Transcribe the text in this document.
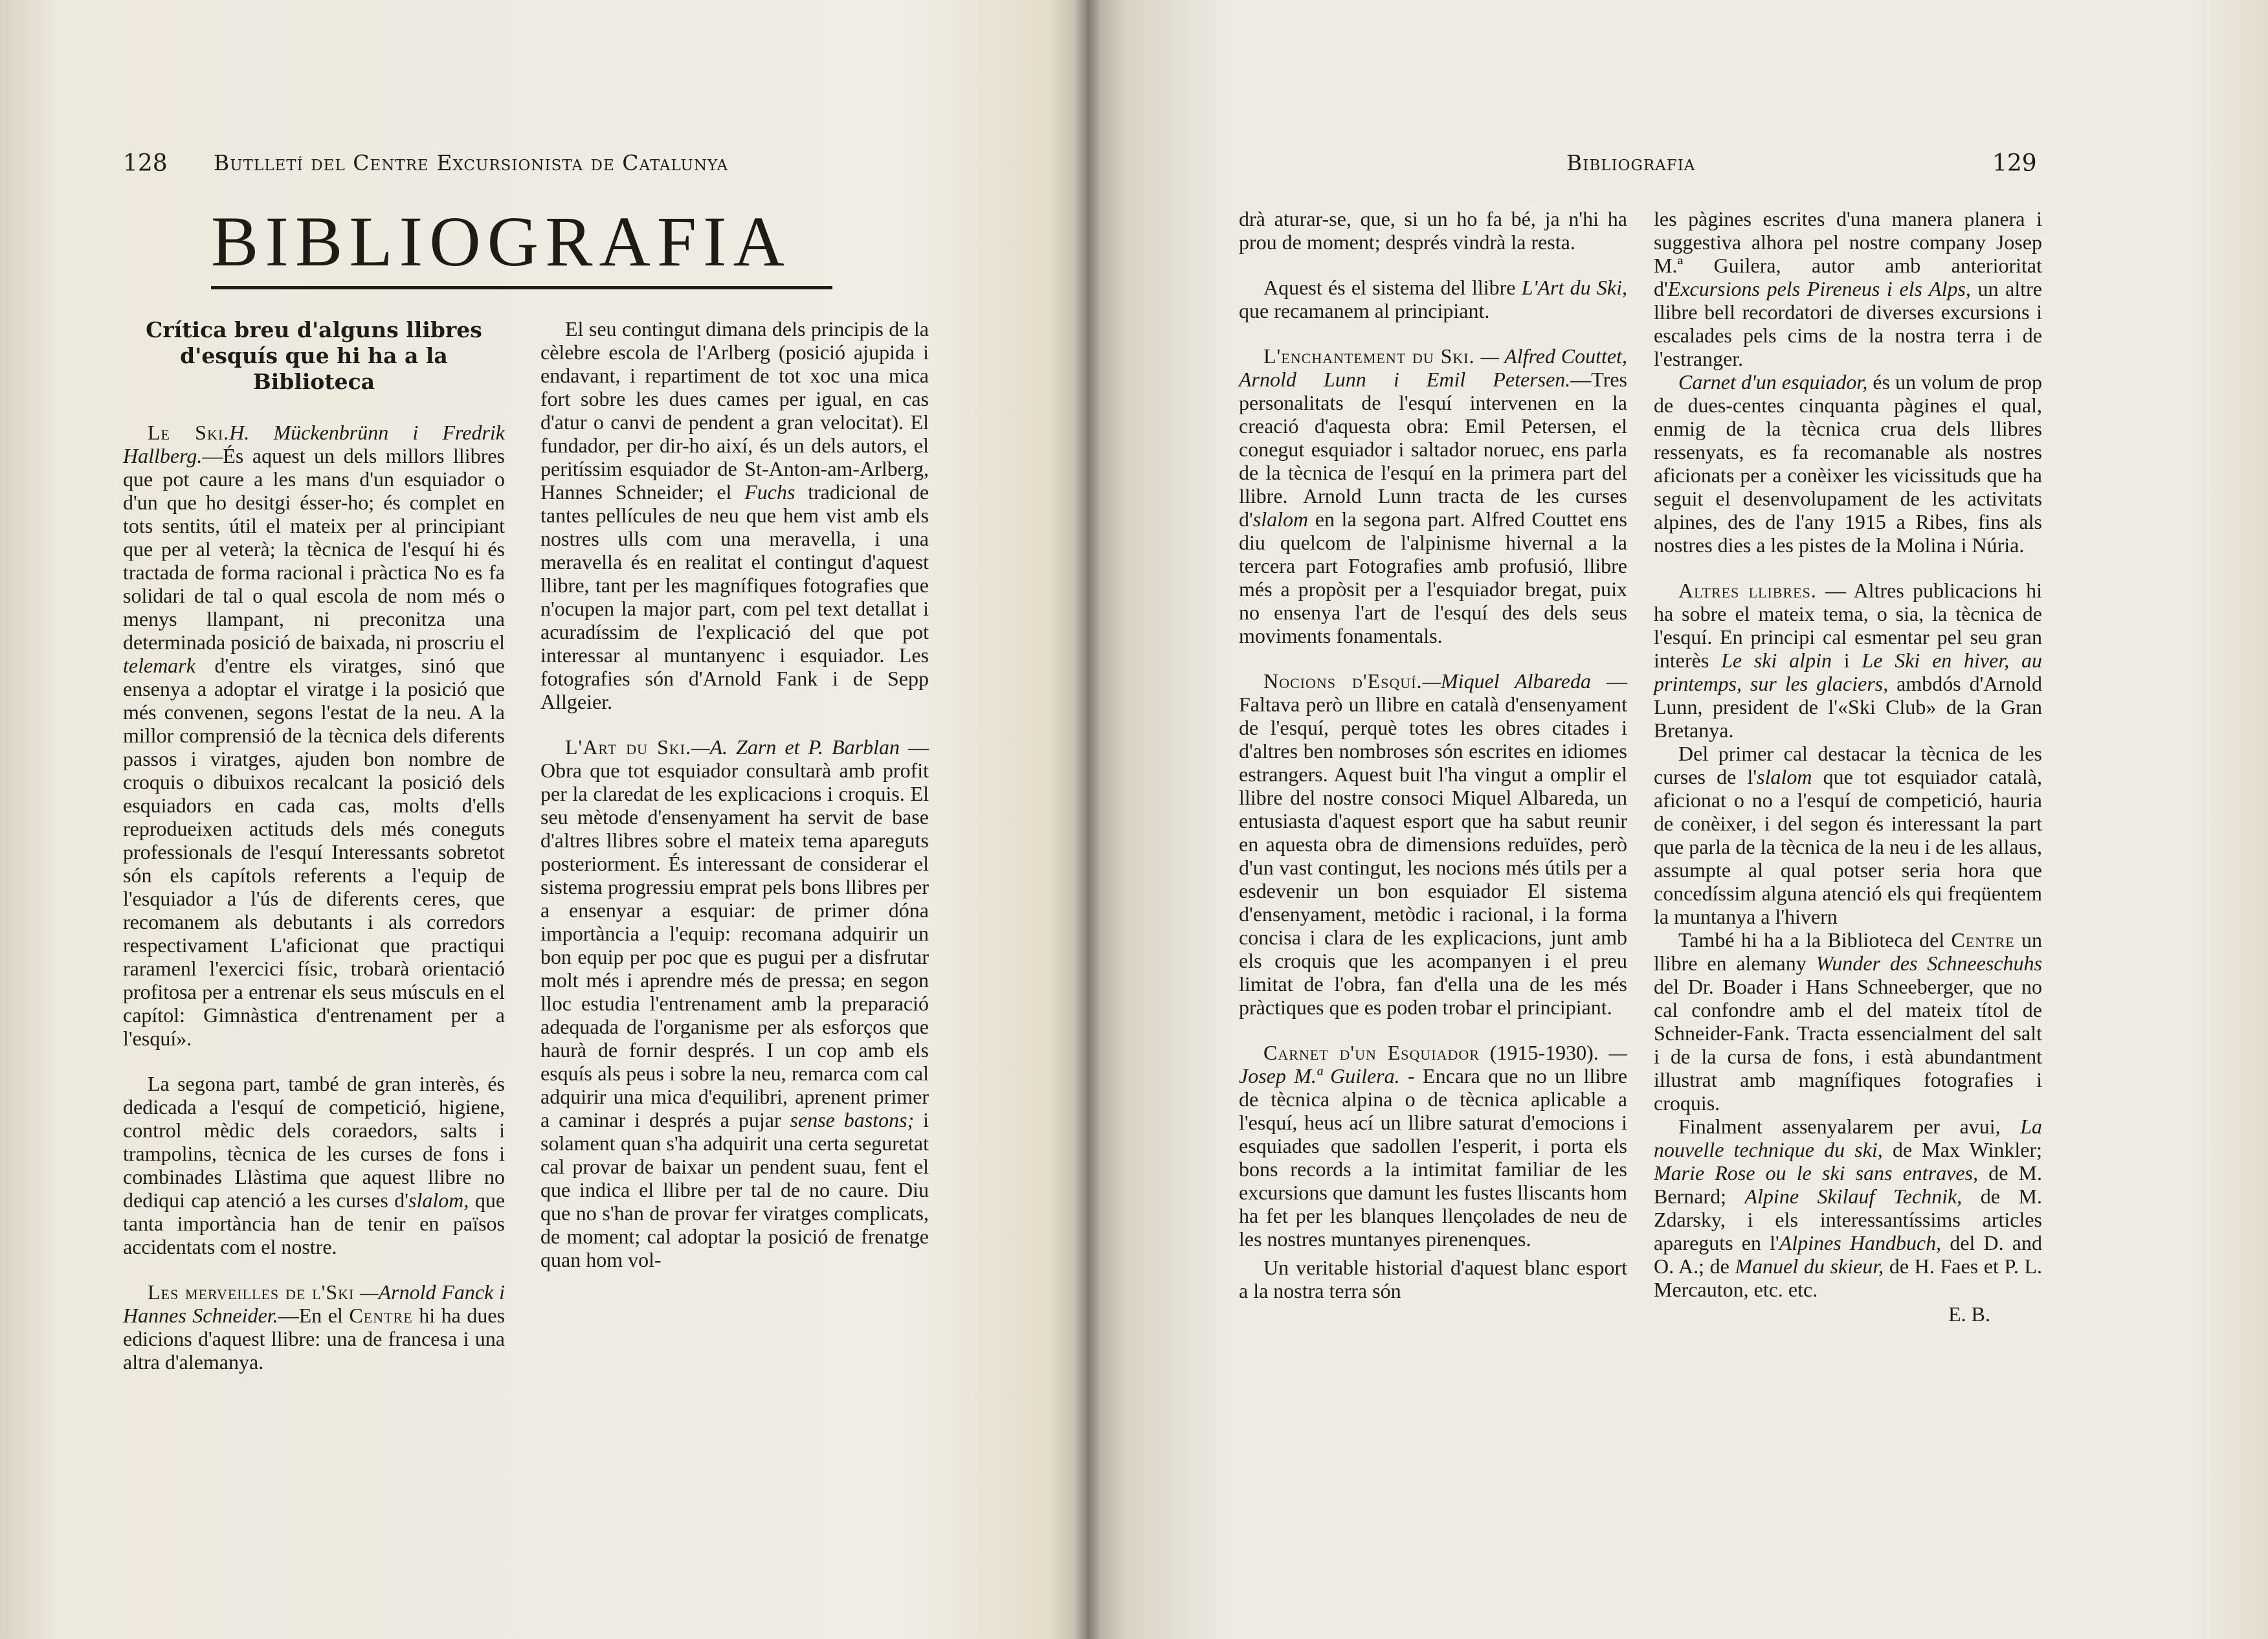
128 Butlletí del Centre Excursionista de Catalunya
BIBLIOGRAFIA
Crítica breu d'alguns llibres d'esquís que hi ha a la Biblioteca

Le Ski.H. Mückenbrünn i Fredrik Hallberg.—És aquest un dels millors llibres que pot caure a les mans d'un esquiador o d'un que ho desitgi ésser-ho; és complet en tots sentits, útil el mateix per al principiant que per al veterà; la tècnica de l'esquí hi és tractada de forma racional i pràctica No es fa solidari de tal o qual escola de nom més o menys llampant, ni preconitza una determinada posició de baixada, ni proscriu el telemark d'entre els viratges, sinó que ensenya a adoptar el viratge i la posició que més convenen, segons l'estat de la neu. A la millor comprensió de la tècnica dels diferents passos i viratges, ajuden bon nombre de croquis o dibuixos recalcant la posició dels esquiadors en cada cas, molts d'ells reprodueixen actituds dels més coneguts professionals de l'esquí Interessants sobretot són els capítols referents a l'equip de l'esquiador a l'ús de diferents ceres, que recomanem als debutants i als corredors respectivament L'aficionat que practiqui raramenl l'exercici físic, trobarà orientació profitosa per a entrenar els seus músculs en el capítol: Gimnàstica d'entrenament per a l'esquí».

La segona part, també de gran interès, és dedicada a l'esquí de competició, higiene, control mèdic dels coraedors, salts i trampolins, tècnica de les curses de fons i combinades Llàstima que aquest llibre no dediqui cap atenció a les curses d'slalom, que tanta importància han de tenir en països accidentats com el nostre.

Les merveilles de l'Ski —Arnold Fanck i Hannes Schneider.—En el Centre hi ha dues edicions d'aquest llibre: una de francesa i una altra d'alemanya.

El seu contingut dimana dels principis de la cèlebre escola de l'Arlberg (posició ajupida i endavant, i repartiment de tot xoc una mica fort sobre les dues cames per igual, en cas d'atur o canvi de pendent a gran velocitat). El fundador, per dir-ho així, és un dels autors, el peritíssim esquiador de St-Anton-am-Arlberg, Hannes Schneider; el Fuchs tradicional de tantes pellícules de neu que hem vist amb els nostres ulls com una meravella, i una meravella és en realitat el contingut d'aquest llibre, tant per les magnífiques fotografies que n'ocupen la major part, com pel text detallat i acuradíssim de l'explicació del que pot interessar al muntanyenc i esquiador. Les fotografies són d'Arnold Fank i de Sepp Allgeier.

L'Art du Ski.—A. Zarn et P. Barblan —Obra que tot esquiador consultarà amb profit per la claredat de les explicacions i croquis. El seu mètode d'ensenyament ha servit de base d'altres llibres sobre el mateix tema apareguts posteriorment. És interessant de considerar el sistema progressiu emprat pels bons llibres per a ensenyar a esquiar: de primer dóna importància a l'equip: recomana adquirir un bon equip per poc que es pugui per a disfrutar molt més i aprendre més de pressa; en segon lloc estudia l'entrenament amb la preparació adequada de l'organisme per als esforços que haurà de fornir després. I un cop amb els esquís als peus i sobre la neu, remarca com cal adquirir una mica d'equilibri, aprenent primer a caminar i després a pujar sense bastons; i solament quan s'ha adquirit una certa seguretat cal provar de baixar un pendent suau, fent el que indica el llibre per tal de no caure. Diu que no s'han de provar fer viratges complicats, de moment; cal adoptar la posició de frenatge quan hom vol-

Bibliografia	129

drà aturar-se, que, si un ho fa bé, ja n'hi ha prou de moment; després vindrà la resta.

Aquest és el sistema del llibre L'Art du Ski, que recamanem al principiant.

L'enchantement du Ski. — Alfred Couttet, Arnold Lunn i Emil Petersen.—Tres personalitats de l'esquí intervenen en la creació d'aquesta obra: Emil Petersen, el conegut esquiador i saltador noruec, ens parla de la tècnica de l'esquí en la primera part del llibre. Arnold Lunn tracta de les curses d'slalom en la segona part. Alfred Couttet ens diu quelcom de l'alpinisme hivernal a la tercera part Fotografies amb profusió, llibre més a propòsit per a l'esquiador bregat, puix no ensenya l'art de l'esquí des dels seus moviments fonamentals.

Nocions d'Esquí.—Miquel Albareda —Faltava però un llibre en català d'ensenyament de l'esquí, perquè totes les obres citades i d'altres ben nombroses són escrites en idiomes estrangers. Aquest buit l'ha vingut a omplir el llibre del nostre consoci Miquel Albareda, un entusiasta d'aquest esport que ha sabut reunir en aquesta obra de dimensions reduïdes, però d'un vast contingut, les nocions més útils per a esdevenir un bon esquiador El sistema d'ensenyament, metòdic i racional, i la forma concisa i clara de les explicacions, junt amb els croquis que les acompanyen i el preu limitat de l'obra, fan d'ella una de les més pràctiques que es poden trobar el principiant.

Carnet d'un Esquiador (1915-1930). —Josep M.ª Guilera. - Encara que no un llibre de tècnica alpina o de tècnica aplicable a l'esquí, heus ací un llibre saturat d'emocions i esquiades que sadollen l'esperit, i porta els bons records a la intimitat familiar de les excursions que damunt les fustes lliscants hom ha fet per les blanques llençolades de neu de les nostres muntanyes pirenenques.

Un veritable historial d'aquest blanc esport a la nostra terra són

les pàgines escrites d'una manera planera i suggestiva alhora pel nostre company Josep M.ª Guilera, autor amb anterioritat d'Excursions pels Pireneus i els Alps, un altre llibre bell recordatori de diverses excursions i escalades pels cims de la nostra terra i de l'estranger.

Carnet d'un esquiador, és un volum de prop de dues-centes cinquanta pàgines el qual, enmig de la tècnica crua dels llibres ressenyats, es fa recomanable als nostres aficionats per a conèixer les vicissituds que ha seguit el desenvolupament de les activitats alpines, des de l'any 1915 a Ribes, fins als nostres dies a les pistes de la Molina i Núria.

Altres llibres. — Altres publicacions hi ha sobre el mateix tema, o sia, la tècnica de l'esquí. En principi cal esmentar pel seu gran interès Le ski alpin i Le Ski en hiver, au printemps, sur les glaciers, ambdós d'Arnold Lunn, president de l'«Ski Club» de la Gran Bretanya.

Del primer cal destacar la tècnica de les curses de l'slalom que tot esquiador català, aficionat o no a l'esquí de competició, hauria de conèixer, i del segon és interessant la part que parla de la tècnica de la neu i de les allaus, assumpte al qual potser seria hora que concedíssim alguna atenció els qui freqüentem la muntanya a l'hivern

També hi ha a la Biblioteca del Centre un llibre en alemany Wunder des Schneeschuhs del Dr. Boader i Hans Schneeberger, que no cal confondre amb el del mateix títol de Schneider-Fank. Tracta essencialment del salt i de la cursa de fons, i està abundantment illustrat amb magnífiques fotografies i croquis.

Finalment assenyalarem per avui, La nouvelle technique du ski, de Max Winkler; Marie Rose ou le ski sans entraves, de M. Bernard; Alpine Skilauf Technik, de M. Zdarsky, i els interessantíssims articles apareguts en l'Alpines Handbuch, del D. and O. A.; de Manuel du skieur, de H. Faes et P. L. Mercauton, etc. etc.

E. B.
